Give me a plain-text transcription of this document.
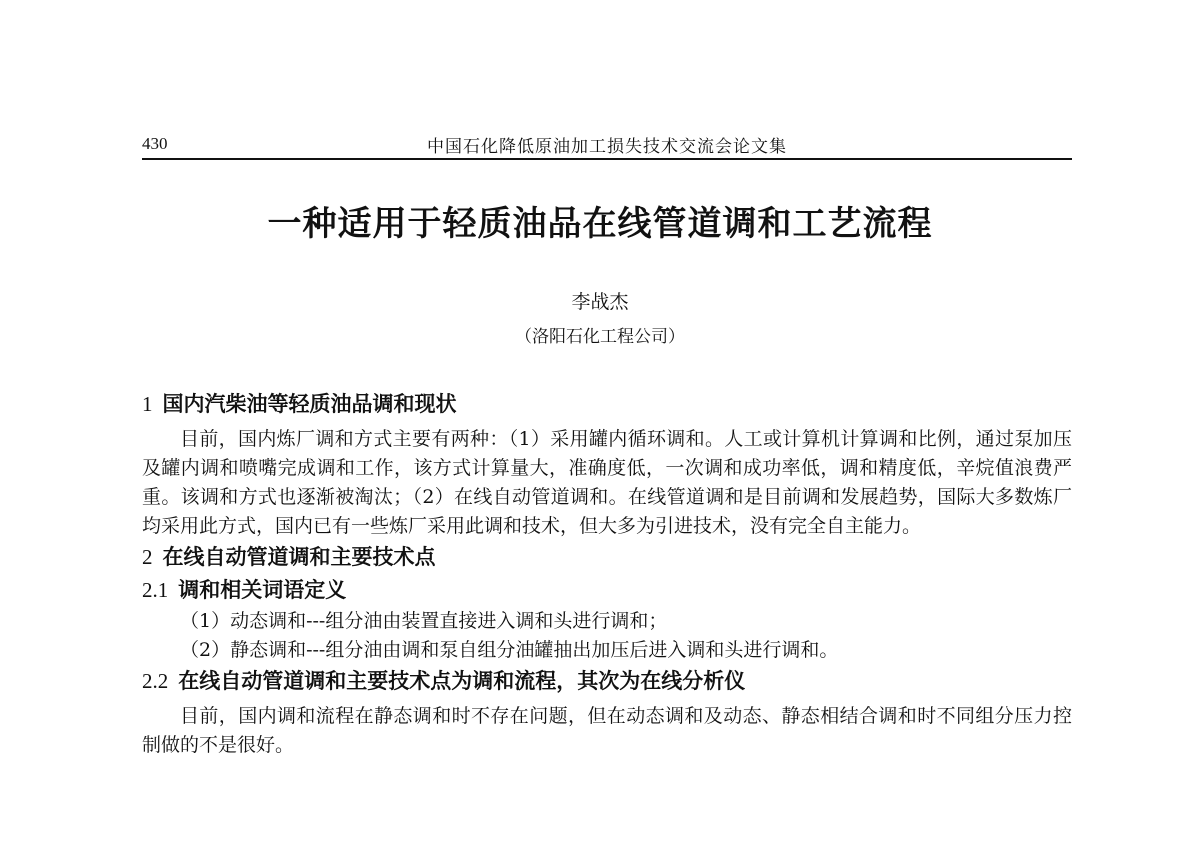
430	中国石化降低原油加工损失技术交流会论文集
一种适用于轻质油品在线管道调和工艺流程
李战杰
（洛阳石化工程公司）
1 国内汽柴油等轻质油品调和现状

目前，国内炼厂调和方式主要有两种：（1）采用罐内循环调和。人工或计算机计算调和比例，通过泵加压及罐内调和喷嘴完成调和工作，该方式计算量大，准确度低，一次调和成功率低，调和精度低，辛烷值浪费严重。该调和方式也逐渐被淘汰；（2）在线自动管道调和。在线管道调和是目前调和发展趋势，国际大多数炼厂均采用此方式，国内已有一些炼厂采用此调和技术，但大多为引进技术，没有完全自主能力。

2 在线自动管道调和主要技术点
2.1 调和相关词语定义
（1）动态调和---组分油由装置直接进入调和头进行调和；
（2）静态调和---组分油由调和泵自组分油罐抽出加压后进入调和头进行调和。
2.2 在线自动管道调和主要技术点为调和流程，其次为在线分析仪

目前，国内调和流程在静态调和时不存在问题，但在动态调和及动态、静态相结合调和时不同组分压力控制做的不是很好。
